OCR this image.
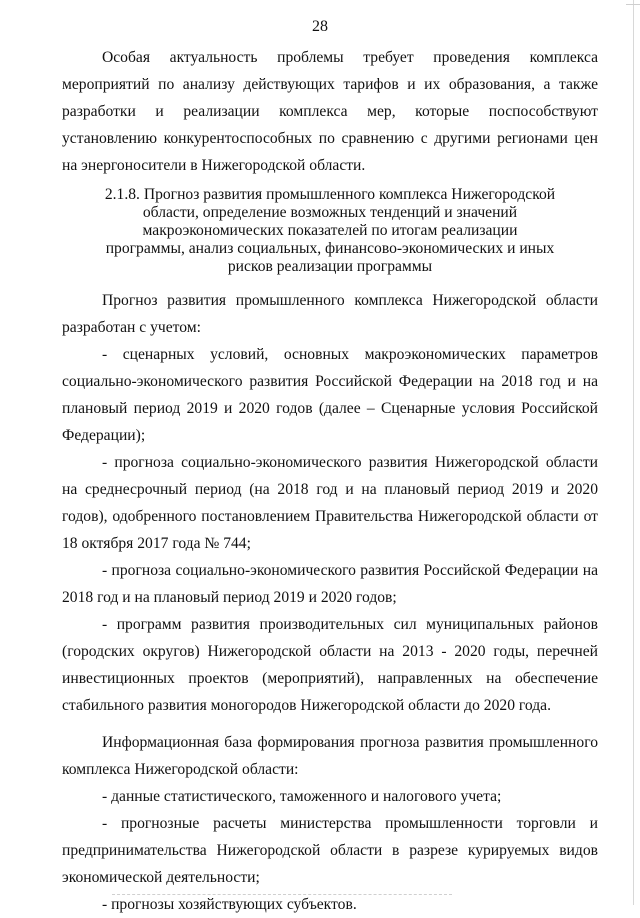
28

Особая актуальность проблемы требует проведения комплекса мероприятий по анализу действующих тарифов и их образования, а также разработки и реализации комплекса мер, которые поспособствуют установлению конкурентоспособных по сравнению с другими регионами цен на энергоносители в Нижегородской области.

2.1.8. Прогноз развития промышленного комплекса Нижегородской области, определение возможных тенденций и значений макроэкономических показателей по итогам реализации программы, анализ социальных, финансово-экономических и иных рисков реализации программы

Прогноз развития промышленного комплекса Нижегородской области разработан с учетом:

- сценарных условий, основных макроэкономических параметров социально-экономического развития Российской Федерации на 2018 год и на плановый период 2019 и 2020 годов (далее – Сценарные условия Российской Федерации);

- прогноза социально-экономического развития Нижегородской области на среднесрочный период (на 2018 год и на плановый период 2019 и 2020 годов), одобренного постановлением Правительства Нижегородской области от 18 октября 2017 года № 744;

- прогноза социально-экономического развития Российской Федерации на 2018 год и на плановый период 2019 и 2020 годов;

- программ развития производительных сил муниципальных районов (городских округов) Нижегородской области на 2013 - 2020 годы, перечней инвестиционных проектов (мероприятий), направленных на обеспечение стабильного развития моногородов Нижегородской области до 2020 года.

Информационная база формирования прогноза развития промышленного комплекса Нижегородской области:

- данные статистического, таможенного и налогового учета;

- прогнозные расчеты министерства промышленности торговли и предпринимательства Нижегородской области в разрезе курируемых видов экономической деятельности;

- прогнозы хозяйствующих субъектов.
